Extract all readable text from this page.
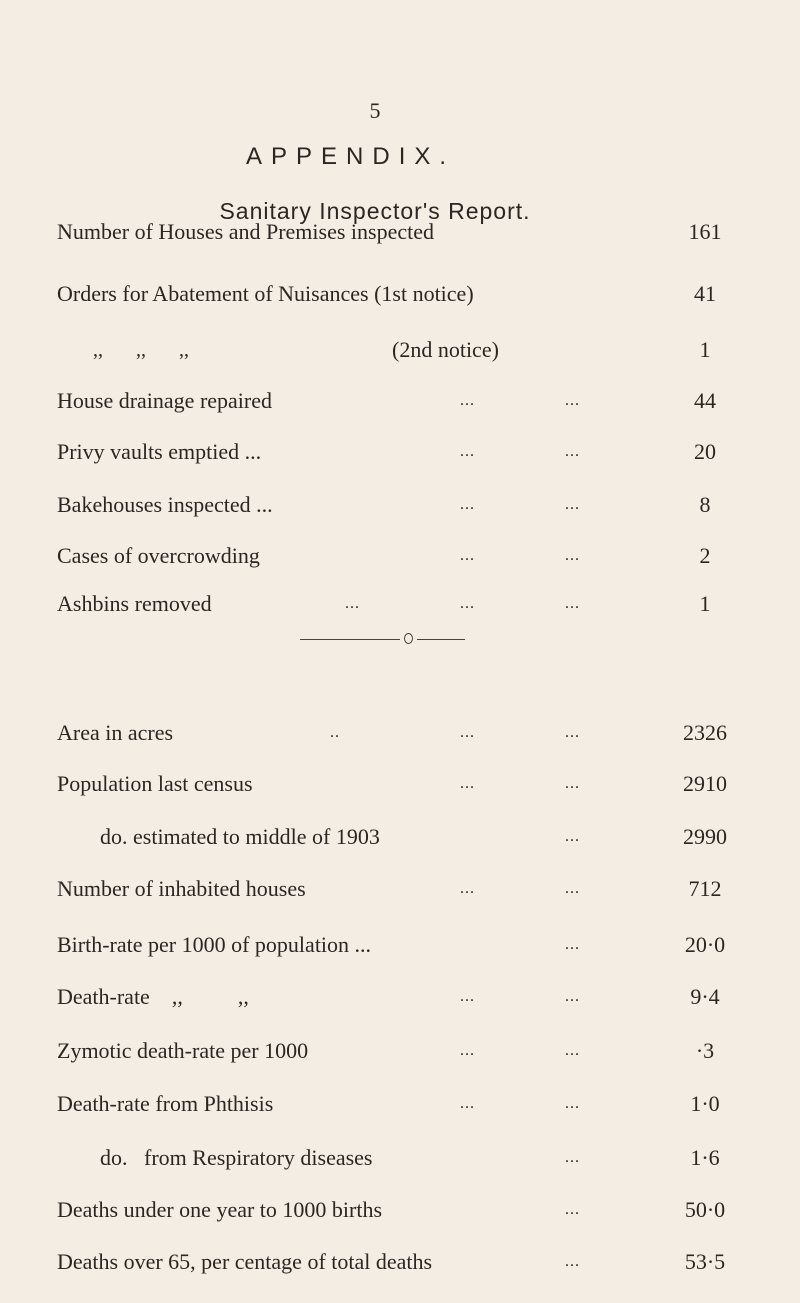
5
APPENDIX.
Sanitary Inspector's Report.
Number of Houses and Premises inspected	161
Orders for Abatement of Nuisances (1st notice)	41
,, ,, ,,	(2nd notice)	1
House drainage repaired	...	...	44
Privy vaults emptied ...	...	...	20
Bakehouses inspected ...	...	...	8
Cases of overcrowding	...	...	2
Ashbins removed	...	...	...	1
Area in acres	..	...	...	2326
Population last census	...	...	2910
do. estimated to middle of 1903	...	2990
Number of inhabited houses	...	...	712
Birth-rate per 1000 of population ...	...	20·0
Death-rate    ,,          ,,	...	...	9·4
Zymotic death-rate per 1000	...	...	·3
Death-rate from Phthisis	...	...	1·0
do.   from Respiratory diseases	...	1·6
Deaths under one year to 1000 births	...	50·0
Deaths over 65, per centage of total deaths	...	53·5
